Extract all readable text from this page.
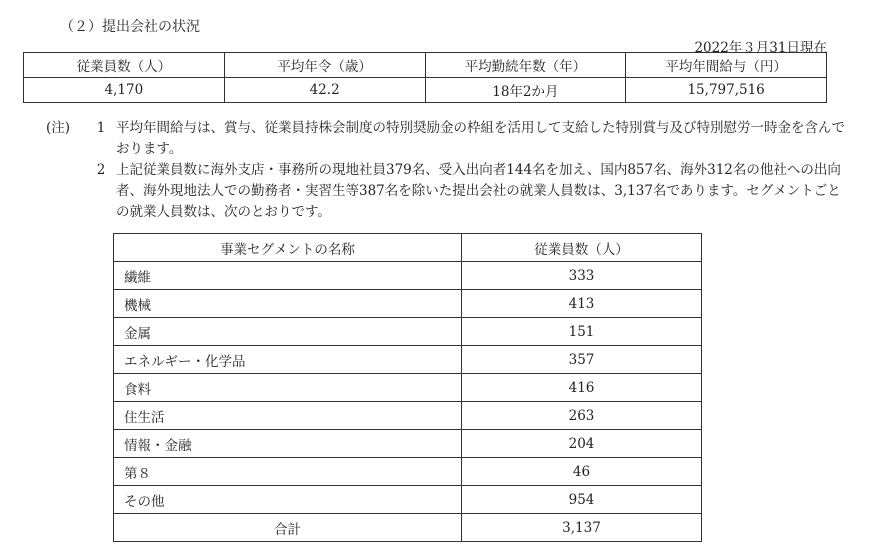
（２）提出会社の状況
2022年３月31日現在
従業員数（人）	平均年令（歳）	平均勤続年数（年）	平均年間給与（円）
4,170	42.2	18年2か月	15,797,516
(注)	1 平均年間給与は、賞与、従業員持株会制度の特別奨励金の枠組を活用して支給した特別賞与及び特別慰労一時金を含んでおります。
2 上記従業員数に海外支店・事務所の現地社員379名、受入出向者144名を加え、国内857名、海外312名の他社への出向者、海外現地法人での勤務者・実習生等387名を除いた提出会社の就業人員数は、3,137名であります。セグメントごとの就業人員数は、次のとおりです。
事業セグメントの名称	従業員数（人）
繊維	333
機械	413
金属	151
エネルギー・化学品	357
食料	416
住生活	263
情報・金融	204
第８	46
その他	954
合計	3,137
